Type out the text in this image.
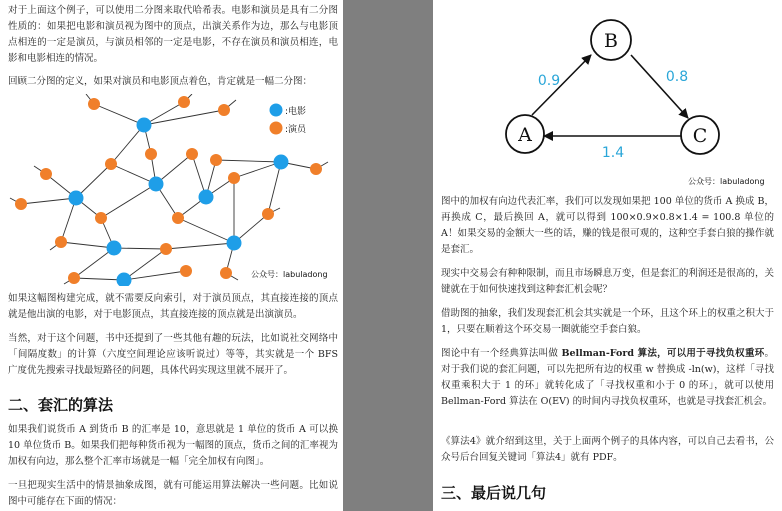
对于上面这个例子，可以使用二分图来取代哈希表。电影和演员是具有二分图性质的：如果把电影和演员视为图中的顶点，出演关系作为边，那么与电影顶点相连的一定是演员，与演员相邻的一定是电影，不存在演员和演员相连，电影和电影相连的情况。

回顾二分图的定义，如果对演员和电影顶点着色，肯定就是一幅二分图：

:电影
:演员
公众号：labuladong

如果这幅图构建完成，就不需要反向索引，对于演员顶点，其直接连接的顶点就是他出演的电影，对于电影顶点，其直接连接的顶点就是出演演员。

当然，对于这个问题，书中还提到了一些其他有趣的玩法，比如说社交网络中「间隔度数」的计算（六度空间理论应该听说过）等等，其实就是一个 BFS 广度优先搜索寻找最短路径的问题，具体代码实现这里就不展开了。

二、套汇的算法

如果我们说货币 A 到货币 B 的汇率是 10，意思就是 1 单位的货币 A 可以换 10 单位货币 B。如果我们把每种货币视为一幅图的顶点，货币之间的汇率视为加权有向边，那么整个汇率市场就是一幅「完全加权有向图」。

一旦把现实生活中的情景抽象成图，就有可能运用算法解决一些问题。比如说图中可能存在下面的情况：

B
A	C
0.9	0.8
1.4
公众号：labuladong

图中的加权有向边代表汇率，我们可以发现如果把 100 单位的货币 A 换成 B，再换成 C，最后换回 A，就可以得到 100×0.9×0.8×1.4 = 100.8 单位的 A！如果交易的金额大一些的话，赚的钱是很可观的，这种空手套白狼的操作就是套汇。

现实中交易会有种种限制，而且市场瞬息万变，但是套汇的利润还是很高的，关键就在于如何快速找到这种套汇机会呢？

借助图的抽象，我们发现套汇机会其实就是一个环，且这个环上的权重之积大于 1，只要在顺着这个环交易一圈就能空手套白狼。

图论中有一个经典算法叫做 Bellman-Ford 算法，可以用于寻找负权重环。对于我们说的套汇问题，可以先把所有边的权重 w 替换成 -ln(w)，这样「寻找权重乘积大于 1 的环」就转化成了「寻找权重和小于 0 的环」，就可以使用 Bellman-Ford 算法在 O(EV) 的时间内寻找负权重环，也就是寻找套汇机会。

《算法4》就介绍到这里，关于上面两个例子的具体内容，可以自己去看书，公众号后台回复关键词「算法4」就有 PDF。

三、最后说几句
